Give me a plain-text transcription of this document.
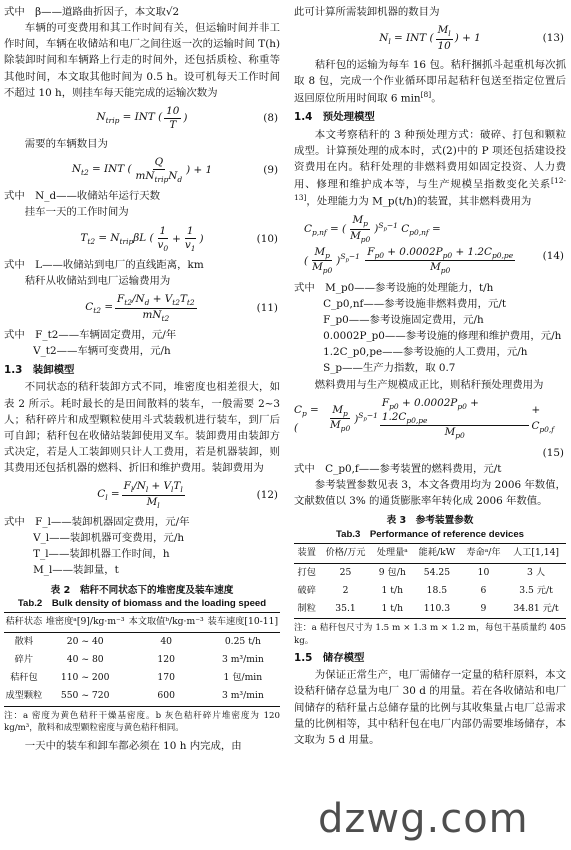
式中　β——道路曲折因子，本文取√2

车辆的可变费用和其工作时间有关，但运输时间并非工作时间，车辆在收储站和电厂之间往返一次的运输时间 T(h)除装卸时间和车辆路上行走的时间外，还包括质检、称重等其他时间，本文取其他时间为 0.5 h。设可机每天工作时间不超过 10 h，则挂车每天能完成的运输次数为

$N_{trip}$ = INT ( $\frac{10}{T}$ )	(8)

需要的车辆数目为

$N_{t2}$ = INT ( $\frac{Q}{mN_{trip}N_d}$ ) + 1	(9)

式中　N_d——收储站年运行天数

挂车一天的工作时间为

$T_{t2} = N_{trip}\beta L$ ( $\frac{1}{v_0} + \frac{1}{v_1}$ )	(10)

式中　L——收储站到电厂的直线距离，km

秸秆从收储站到电厂运输费用为

$C_{t2} = \frac{F_{t2}/N_d + V_{t2}T_{t2}}{mN_{t2}}$	(11)

式中　F_t2——车辆固定费用，元/年

V_t2——车辆可变费用，元/h

1.3　装卸模型

不同状态的秸秆装卸方式不同，堆密度也相差很大，如表 2 所示。耗时最长的是田间散料的装车，一般需要 2~3 人；秸秆碎片和成型颗粒使用斗式装载机进行装车，到厂后可自卸；秸秆包在收储站装卸使用叉车。装卸费用由装卸方式决定，若是人工装卸则只计人工费用，若是机器装卸，则其费用还包括机器的燃料、折旧和维护费用。装卸费用为

$C_l = \frac{F_l/N_l + V_lT_l}{M_l}$	(12)

式中　F_l——装卸机器固定费用，元/年

V_l——装卸机器可变费用，元/h

T_l——装卸机器工作时间，h

M_l——装卸量，t

表 2　秸秆不同状态下的堆密度及装车速度
Tab.2　Bulk density of biomass and the loading speed
秸秆状态	堆密度ᵃ[9]/kg·m⁻³	本文取值ᵇ/kg·m⁻³	装车速度[10-11]
散料	20 ~ 40	40	0.25 t/h
碎片	40 ~ 80	120	3 m³/min
秸秆包	110 ~ 200	170	1 包/min
成型颗粒	550 ~ 720	600	3 m³/min

注：a 密度为黄色秸秆干燥基密度。b 灰色秸秆碎片堆密度为 120 kg/m³，散料和成型颗粒密度与黄色秸秆相同。

一天中的装车和卸车都必须在 10 h 内完成，由

此可计算所需装卸机器的数目为

$N_l$ = INT ( $\frac{M_l}{10}$ ) + 1	(13)

秸秆包的运输为每车 16 包。秸秆捆抓斗起重机每次抓取 8 包，完成一个作业循环即吊起秸秆包送至指定位置后返回原位所用时间取 6 min[8]。

1.4　预处理模型

本文考察秸秆的 3 种预处理方式：破碎、打包和颗粒成型。计算预处理的成本时，式(2)中的 P 项还包括建设投资费用在内。秸秆处理的非燃料费用如固定投资、人力费用、修理和维护成本等，与生产规模呈指数变化关系[12-13]，处理能力为 M_p(t/h)的装置，其非燃料费用为

$C_{p,nf}$ = ( $\frac{M_p}{M_{p0}} )^{S_p-1}$ $C_{p0,nf}$ =
( $\frac{M_p}{M_{p0}} )^{S_p-1} \frac{F_{p0} + 0.0002P_{p0} + 1.2C_{p0,pe}}{M_{p0}}$	(14)

式中　M_p0——参考设施的处理能力，t/h

C_p0,nf——参考设施非燃料费用，元/t

F_p0——参考设施固定费用，元/h

0.0002P_p0——参考设施的修理和维护费用，元/h

1.2C_p0,pe——参考设施的人工费用，元/h

S_p——生产力指数，取 0.7

燃料费用与生产规模成正比，则秸秆预处理费用为

$C_p$ = (	$\frac{M_p}{M_{p0}} )^{S_p-1} \frac{F_{p0} + 0.0002P_{p0} + 1.2C_{p0,pe}}{M_{p0}} + C_{p0,f}$
(15)

式中　C_p0,f——参考装置的燃料费用，元/t

参考装置参数见表 3，本文各费用均为 2006 年数值，文献数值以 3% 的通货膨胀率年转化成 2006 年数值。

表 3　参考装置参数
Tab.3　Performance of reference devices
装置	价格/万元	处理量ᵃ	能耗/kW	寿命ᵃ/年	人工[1,14]
打包	25	9 包/h	54.25	10	3 人
破碎	2	1 t/h	18.5	6	3.5 元/t
制粒	35.1	1 t/h	110.3	9	34.81 元/t

注：a 秸秆包尺寸为 1.5 m × 1.3 m × 1.2 m，每包干基质量约 405 kg。

1.5　储存模型

为保证正常生产，电厂需储存一定量的秸秆原料，本文设秸秆储存总量为电厂 30 d 的用量。若在各收储站和电厂间储存的秸秆量占总储存量的比例与其收集量占电厂总需求量的比例相等，其中秸秆包在电厂内部仍需要堆场储存，本文取为 5 d 用量。

dzwg.com
